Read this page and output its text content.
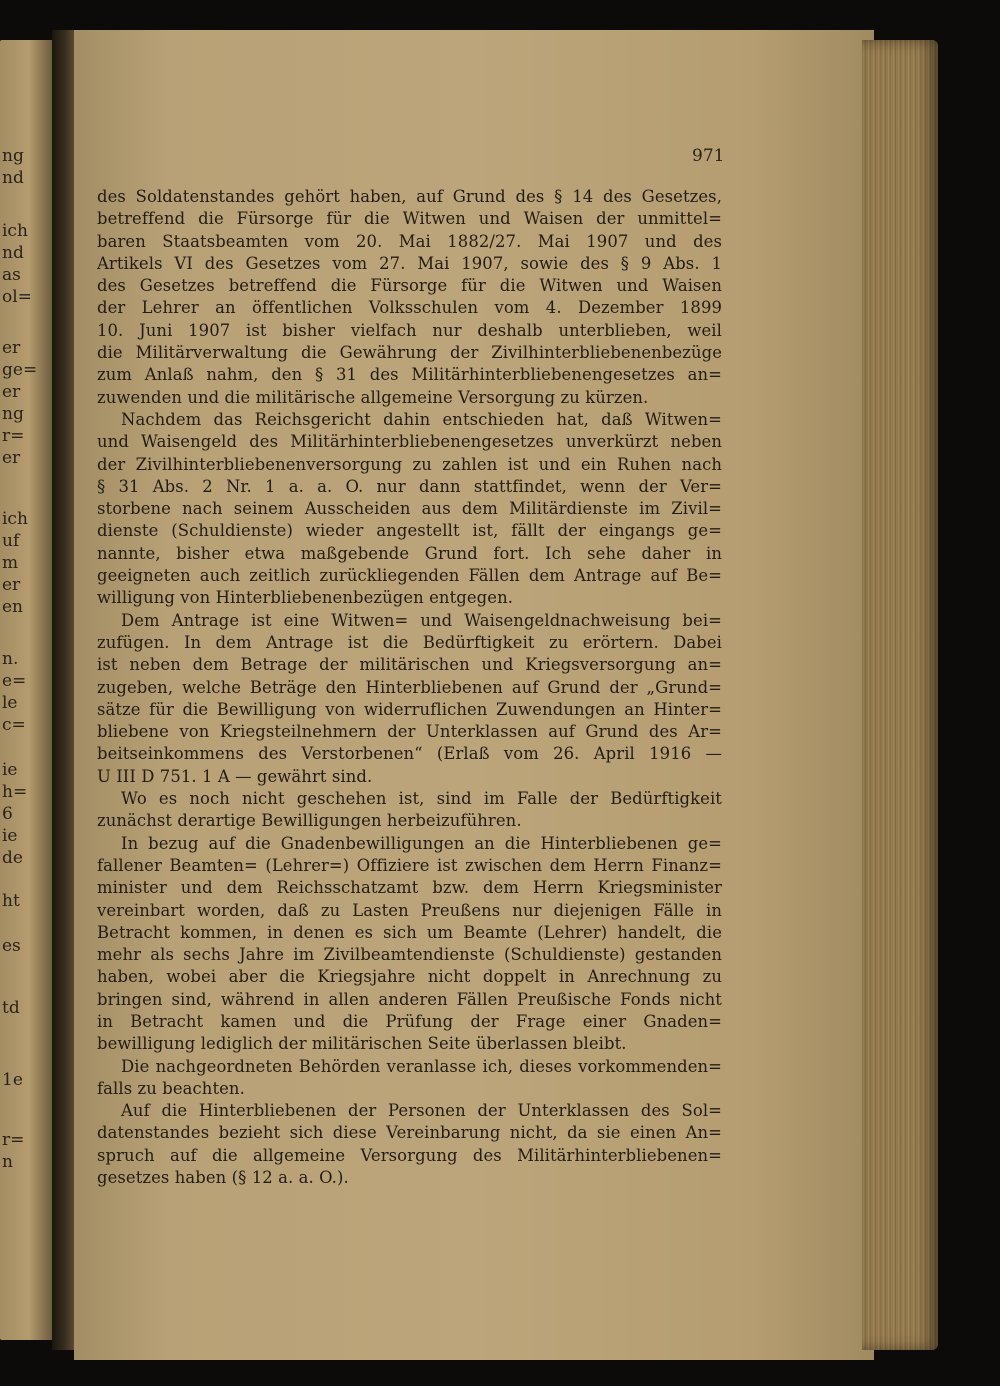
ng
nd
ich
nd
as
ol=
er
ge=
er
ng
r=
er
ich
uf
m
er
en
n.
e=
le
c=
ie
h=
6
ie
de
ht
es
td
1e
r=
n
971
des Soldatenstandes gehört haben, auf Grund des § 14 des Gesetzes,
betreffend die Fürsorge für die Witwen und Waisen der unmittel=
baren Staatsbeamten vom 20. Mai 1882/27. Mai 1907 und des
Artikels VI des Gesetzes vom 27. Mai 1907, sowie des § 9 Abs. 1
des Gesetzes betreffend die Fürsorge für die Witwen und Waisen
der Lehrer an öffentlichen Volksschulen vom 4. Dezember 1899
10. Juni 1907 ist bisher vielfach nur deshalb unterblieben, weil
die Militärverwaltung die Gewährung der Zivilhinterbliebenenbezüge
zum Anlaß nahm, den § 31 des Militärhinterbliebenengesetzes an=
zuwenden und die militärische allgemeine Versorgung zu kürzen.
Nachdem das Reichsgericht dahin entschieden hat, daß Witwen=
und Waisengeld des Militärhinterbliebenengesetzes unverkürzt neben
der Zivilhinterbliebenenversorgung zu zahlen ist und ein Ruhen nach
§ 31 Abs. 2 Nr. 1 a. a. O. nur dann stattfindet, wenn der Ver=
storbene nach seinem Ausscheiden aus dem Militärdienste im Zivil=
dienste (Schuldienste) wieder angestellt ist, fällt der eingangs ge=
nannte, bisher etwa maßgebende Grund fort. Ich sehe daher in
geeigneten auch zeitlich zurückliegenden Fällen dem Antrage auf Be=
willigung von Hinterbliebenenbezügen entgegen.
Dem Antrage ist eine Witwen= und Waisengeldnachweisung bei=
zufügen. In dem Antrage ist die Bedürftigkeit zu erörtern. Dabei
ist neben dem Betrage der militärischen und Kriegsversorgung an=
zugeben, welche Beträge den Hinterbliebenen auf Grund der „Grund=
sätze für die Bewilligung von widerruflichen Zuwendungen an Hinter=
bliebene von Kriegsteilnehmern der Unterklassen auf Grund des Ar=
beitseinkommens des Verstorbenen“ (Erlaß vom 26. April 1916 —
U III D 751. 1 A — gewährt sind.
Wo es noch nicht geschehen ist, sind im Falle der Bedürftigkeit
zunächst derartige Bewilligungen herbeizuführen.
In bezug auf die Gnadenbewilligungen an die Hinterbliebenen ge=
fallener Beamten= (Lehrer=) Offiziere ist zwischen dem Herrn Finanz=
minister und dem Reichsschatzamt bzw. dem Herrn Kriegsminister
vereinbart worden, daß zu Lasten Preußens nur diejenigen Fälle in
Betracht kommen, in denen es sich um Beamte (Lehrer) handelt, die
mehr als sechs Jahre im Zivilbeamtendienste (Schuldienste) gestanden
haben, wobei aber die Kriegsjahre nicht doppelt in Anrechnung zu
bringen sind, während in allen anderen Fällen Preußische Fonds nicht
in Betracht kamen und die Prüfung der Frage einer Gnaden=
bewilligung lediglich der militärischen Seite überlassen bleibt.
Die nachgeordneten Behörden veranlasse ich, dieses vorkommenden=
falls zu beachten.
Auf die Hinterbliebenen der Personen der Unterklassen des Sol=
datenstandes bezieht sich diese Vereinbarung nicht, da sie einen An=
spruch auf die allgemeine Versorgung des Militärhinterbliebenen=
gesetzes haben (§ 12 a. a. O.).
